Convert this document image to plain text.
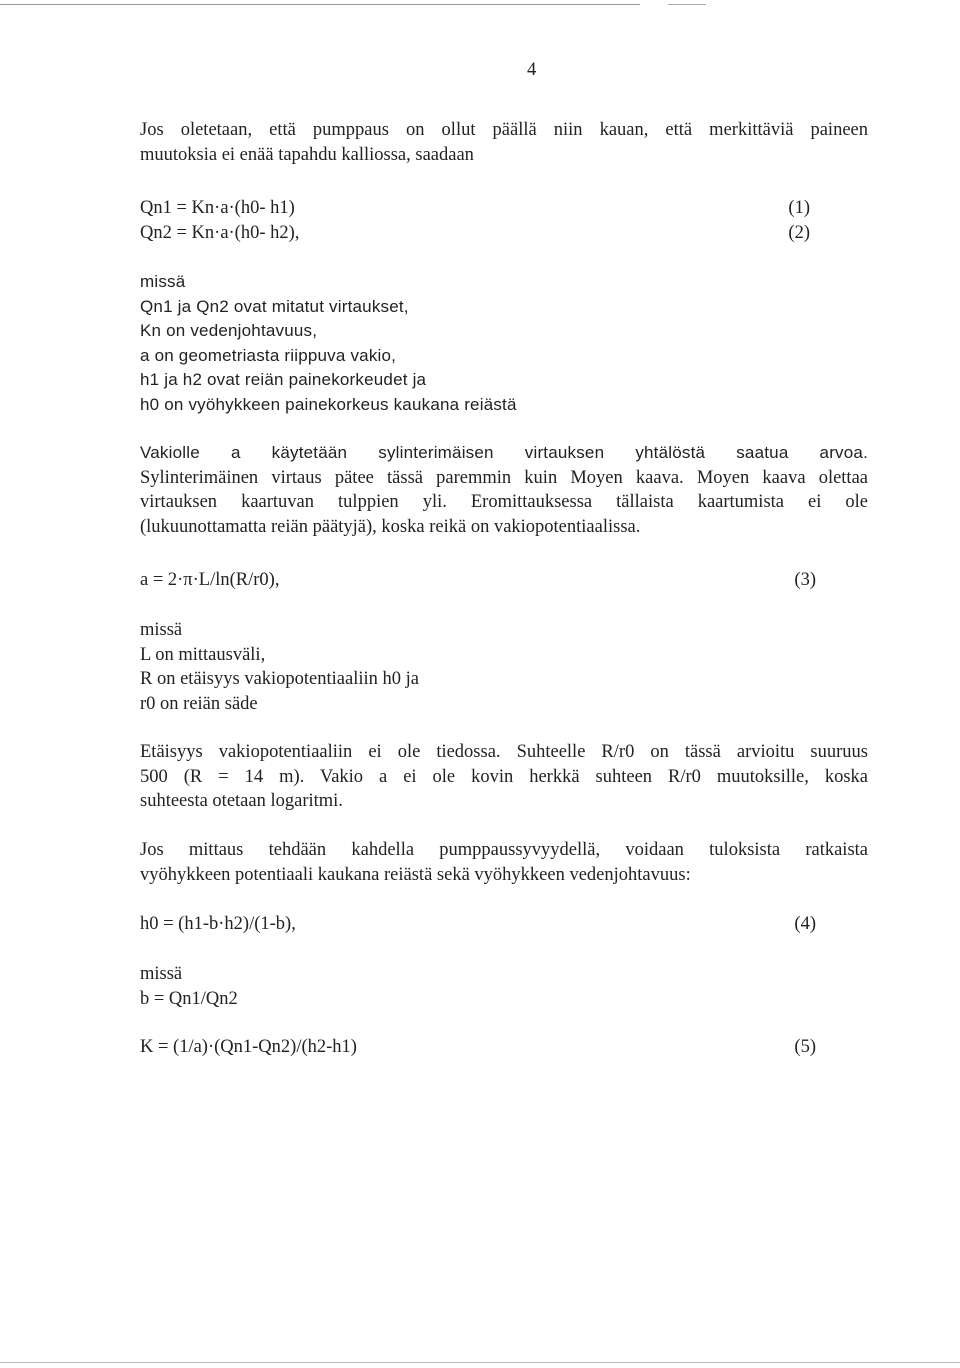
4
Jos oletetaan, että pumppaus on ollut päällä niin kauan, että merkittäviä paineen
muutoksia ei enää tapahdu kalliossa, saadaan
Qn1 = Kn·a·(h0- h1)	(1)
Qn2 = Kn·a·(h0- h2),	(2)
missä
Qn1 ja Qn2 ovat mitatut virtaukset,
Kn on vedenjohtavuus,
a on geometriasta riippuva vakio,
h1 ja h2 ovat reiän painekorkeudet ja
h0 on vyöhykkeen painekorkeus kaukana reiästä
Vakiolle a käytetään sylinterimäisen virtauksen yhtälöstä saatua arvoa.
Sylinterimäinen virtaus pätee tässä paremmin kuin Moyen kaava. Moyen kaava olettaa
virtauksen kaartuvan tulppien yli. Eromittauksessa tällaista kaartumista ei ole
(lukuunottamatta reiän päätyjä), koska reikä on vakiopotentiaalissa.
a = 2·π·L/ln(R/r0),	(3)
missä
L on mittausväli,
R on etäisyys vakiopotentiaaliin h0 ja
r0 on reiän säde
Etäisyys vakiopotentiaaliin ei ole tiedossa. Suhteelle R/r0 on tässä arvioitu suuruus
500 (R = 14 m). Vakio a ei ole kovin herkkä suhteen R/r0 muutoksille, koska
suhteesta otetaan logaritmi.
Jos mittaus tehdään kahdella pumppaussyvyydellä, voidaan tuloksista ratkaista
vyöhykkeen potentiaali kaukana reiästä sekä vyöhykkeen vedenjohtavuus:
h0 = (h1-b·h2)/(1-b),	(4)
missä
b = Qn1/Qn2
K = (1/a)·(Qn1-Qn2)/(h2-h1)	(5)
